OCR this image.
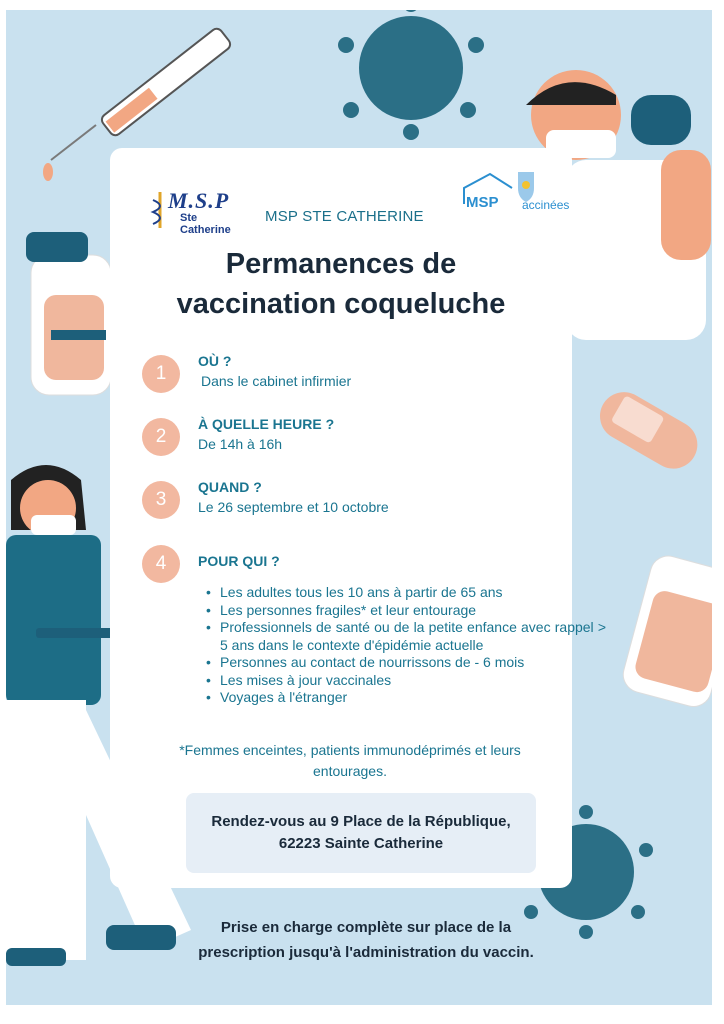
M.S.P
Ste Catherine
MSP STE CATHERINE
MSP accinées
Permanences de
vaccination coqueluche
1
OÙ ?
Dans le cabinet infirmier
2
À QUELLE HEURE ?
De 14h à 16h
3
QUAND ?
Le 26 septembre et 10 octobre
4	POUR QUI ?
• Les adultes tous les 10 ans à partir de 65 ans
• Les personnes fragiles* et leur entourage
• Professionnels de santé ou de la petite enfance avec rappel > 5 ans dans le contexte d'épidémie actuelle
• Personnes au contact de nourrissons de - 6 mois
• Les mises à jour vaccinales
• Voyages à l'étranger
*Femmes enceintes, patients immunodéprimés et leurs
entourages.
Rendez-vous au 9 Place de la République,
62223 Sainte Catherine
Prise en charge complète sur place de la
prescription jusqu'à l'administration du vaccin.
